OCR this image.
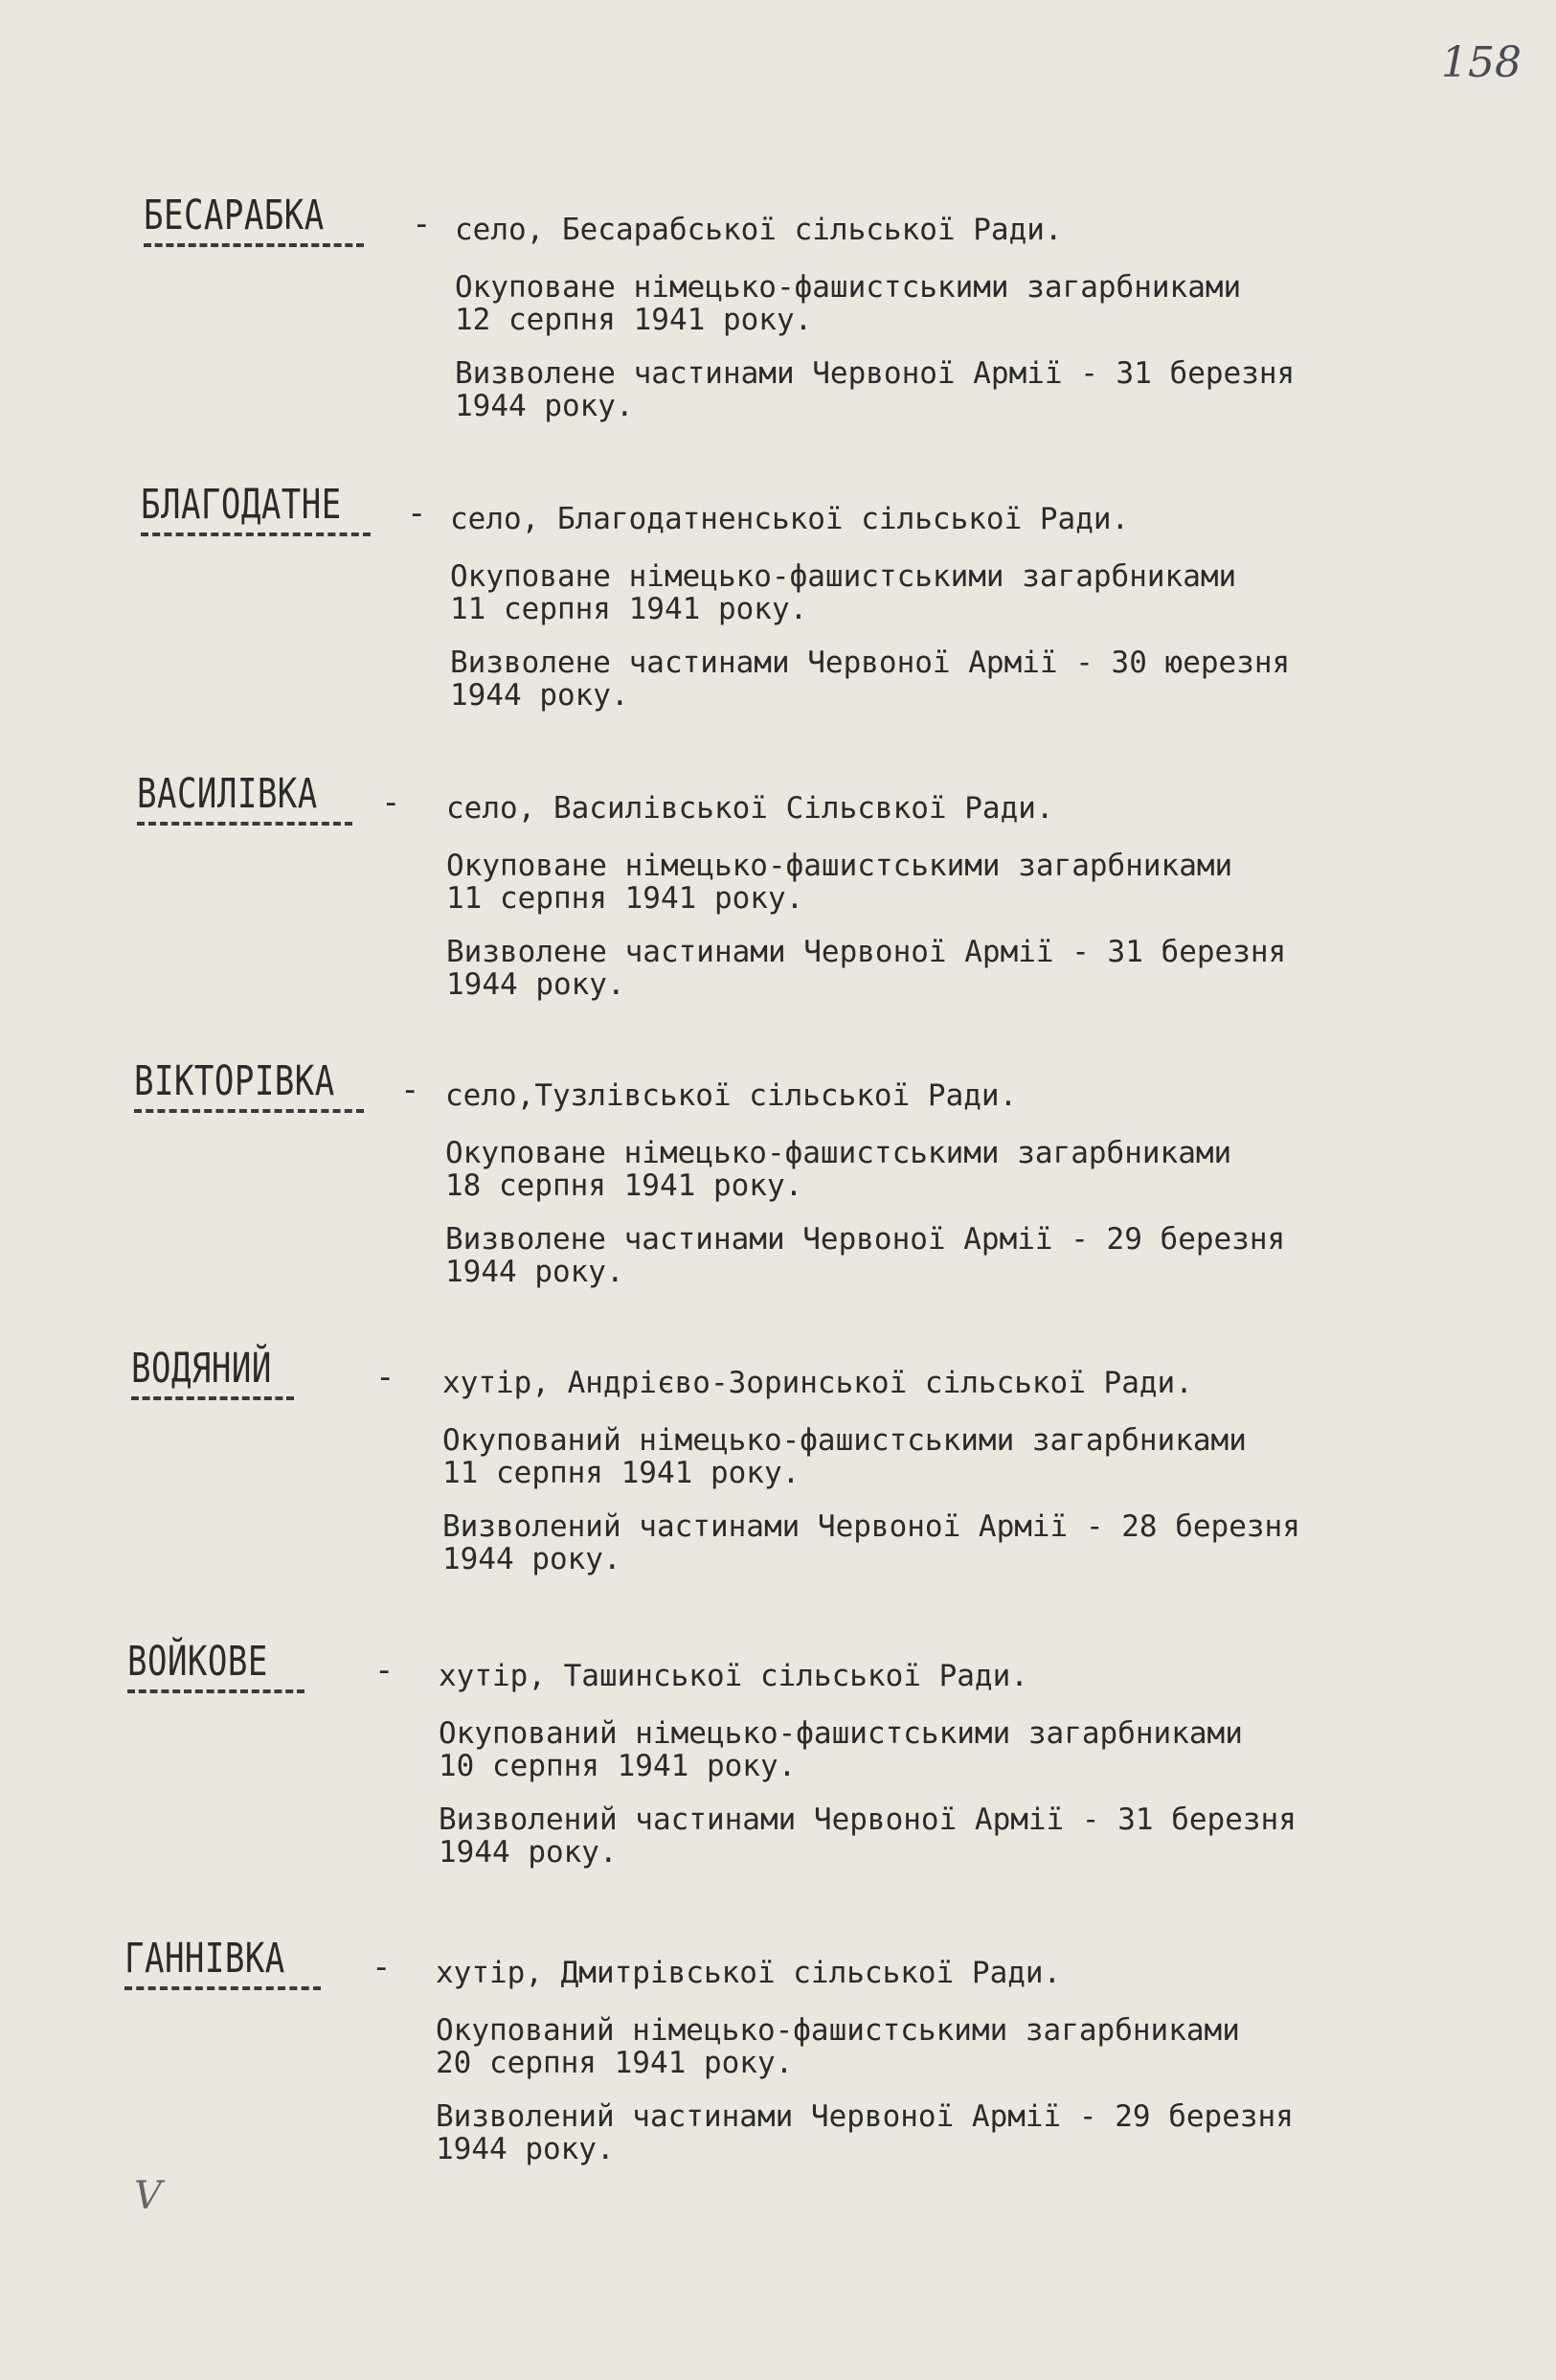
158
БЕСАРАБКА	- село, Бесарабської сільської Ради.
Окуповане німецько-фашистськими загарбниками
12 серпня 1941 року.
Визволене частинами Червоної Армії - 31 березня
1944 року.
БЛАГОДАТНЕ - село, Благодатненської сільської Ради.
Окуповане німецько-фашистськими загарбниками
11 серпня 1941 року.
Визволене частинами Червоної Армії - 30 юерезня
1944 року.
ВАСИЛІВКА - село, Василівської Сільсвкої Ради.
Окуповане німецько-фашистськими загарбниками
11 серпня 1941 року.
Визволене частинами Червоної Армії - 31 березня
1944 року.
ВІКТОРІВКА - село,Тузлівської сільської Ради.
Окуповане німецько-фашистськими загарбниками
18 серпня 1941 року.
Визволене частинами Червоної Армії - 29 березня
1944 року.
ВОДЯНИЙ	- хутір, Андрієво-Зоринської сільської Ради.
Окупований німецько-фашистськими загарбниками
11 серпня 1941 року.
Визволений частинами Червоної Армії - 28 березня
1944 року.
ВОЙКОВЕ	- хутір, Ташинської сільської Ради.
Окупований німецько-фашистськими загарбниками
10 серпня 1941 року.
Визволений частинами Червоної Армії - 31 березня
1944 року.
ГАННІВКА	- хутір, Дмитрівської сільської Ради.
Окупований німецько-фашистськими загарбниками
20 серпня 1941 року.
Визволений частинами Червоної Армії - 29 березня
1944 року.
V
